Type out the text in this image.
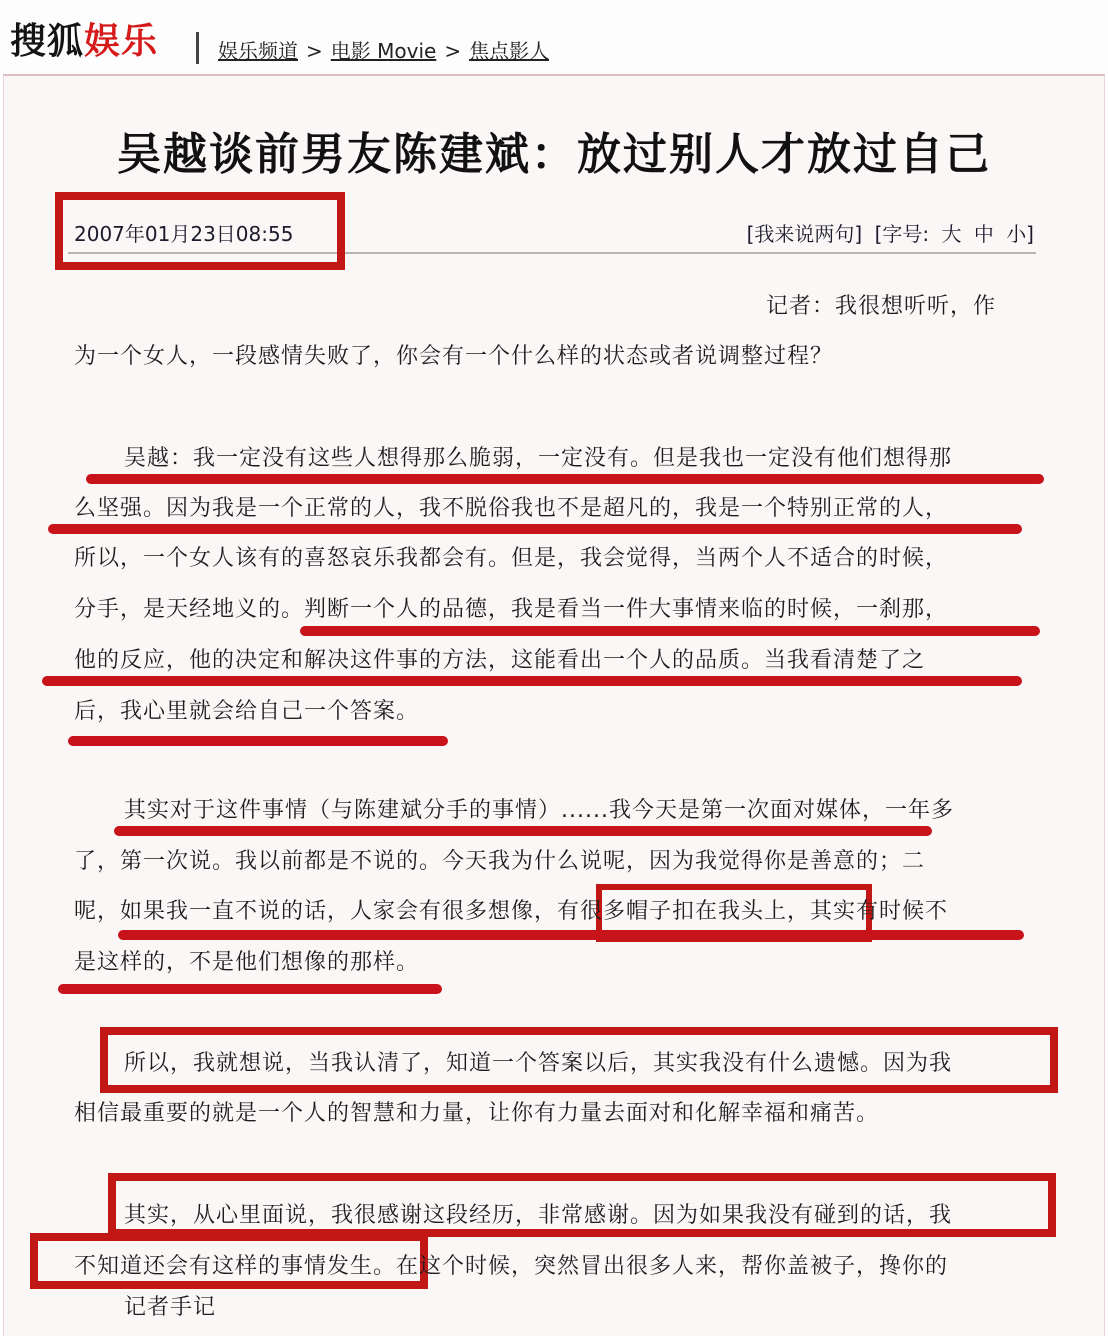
搜狐娱乐	娱乐频道 > 电影 Movie > 焦点影人
吴越谈前男友陈建斌：放过别人才放过自己
2007年01月23日08:55	[我来说两句] [字号: 大 中 小]
记者：我很想听听，作
为一个女人，一段感情失败了，你会有一个什么样的状态或者说调整过程？
吴越：我一定没有这些人想得那么脆弱，一定没有。但是我也一定没有他们想得那
么坚强。因为我是一个正常的人，我不脱俗我也不是超凡的，我是一个特别正常的人，
所以，一个女人该有的喜怒哀乐我都会有。但是，我会觉得，当两个人不适合的时候，
分手，是天经地义的。判断一个人的品德，我是看当一件大事情来临的时候，一刹那，
他的反应，他的决定和解决这件事的方法，这能看出一个人的品质。当我看清楚了之
后，我心里就会给自己一个答案。
其实对于这件事情（与陈建斌分手的事情）......我今天是第一次面对媒体，一年多
了，第一次说。我以前都是不说的。今天我为什么说呢，因为我觉得你是善意的；二
呢，如果我一直不说的话，人家会有很多想像，有很多帽子扣在我头上，其实有时候不
是这样的，不是他们想像的那样。
所以，我就想说，当我认清了，知道一个答案以后，其实我没有什么遗憾。因为我
相信最重要的就是一个人的智慧和力量，让你有力量去面对和化解幸福和痛苦。
其实，从心里面说，我很感谢这段经历，非常感谢。因为如果我没有碰到的话，我
不知道还会有这样的事情发生。在这个时候，突然冒出很多人来，帮你盖被子，搀你的
记者手记
